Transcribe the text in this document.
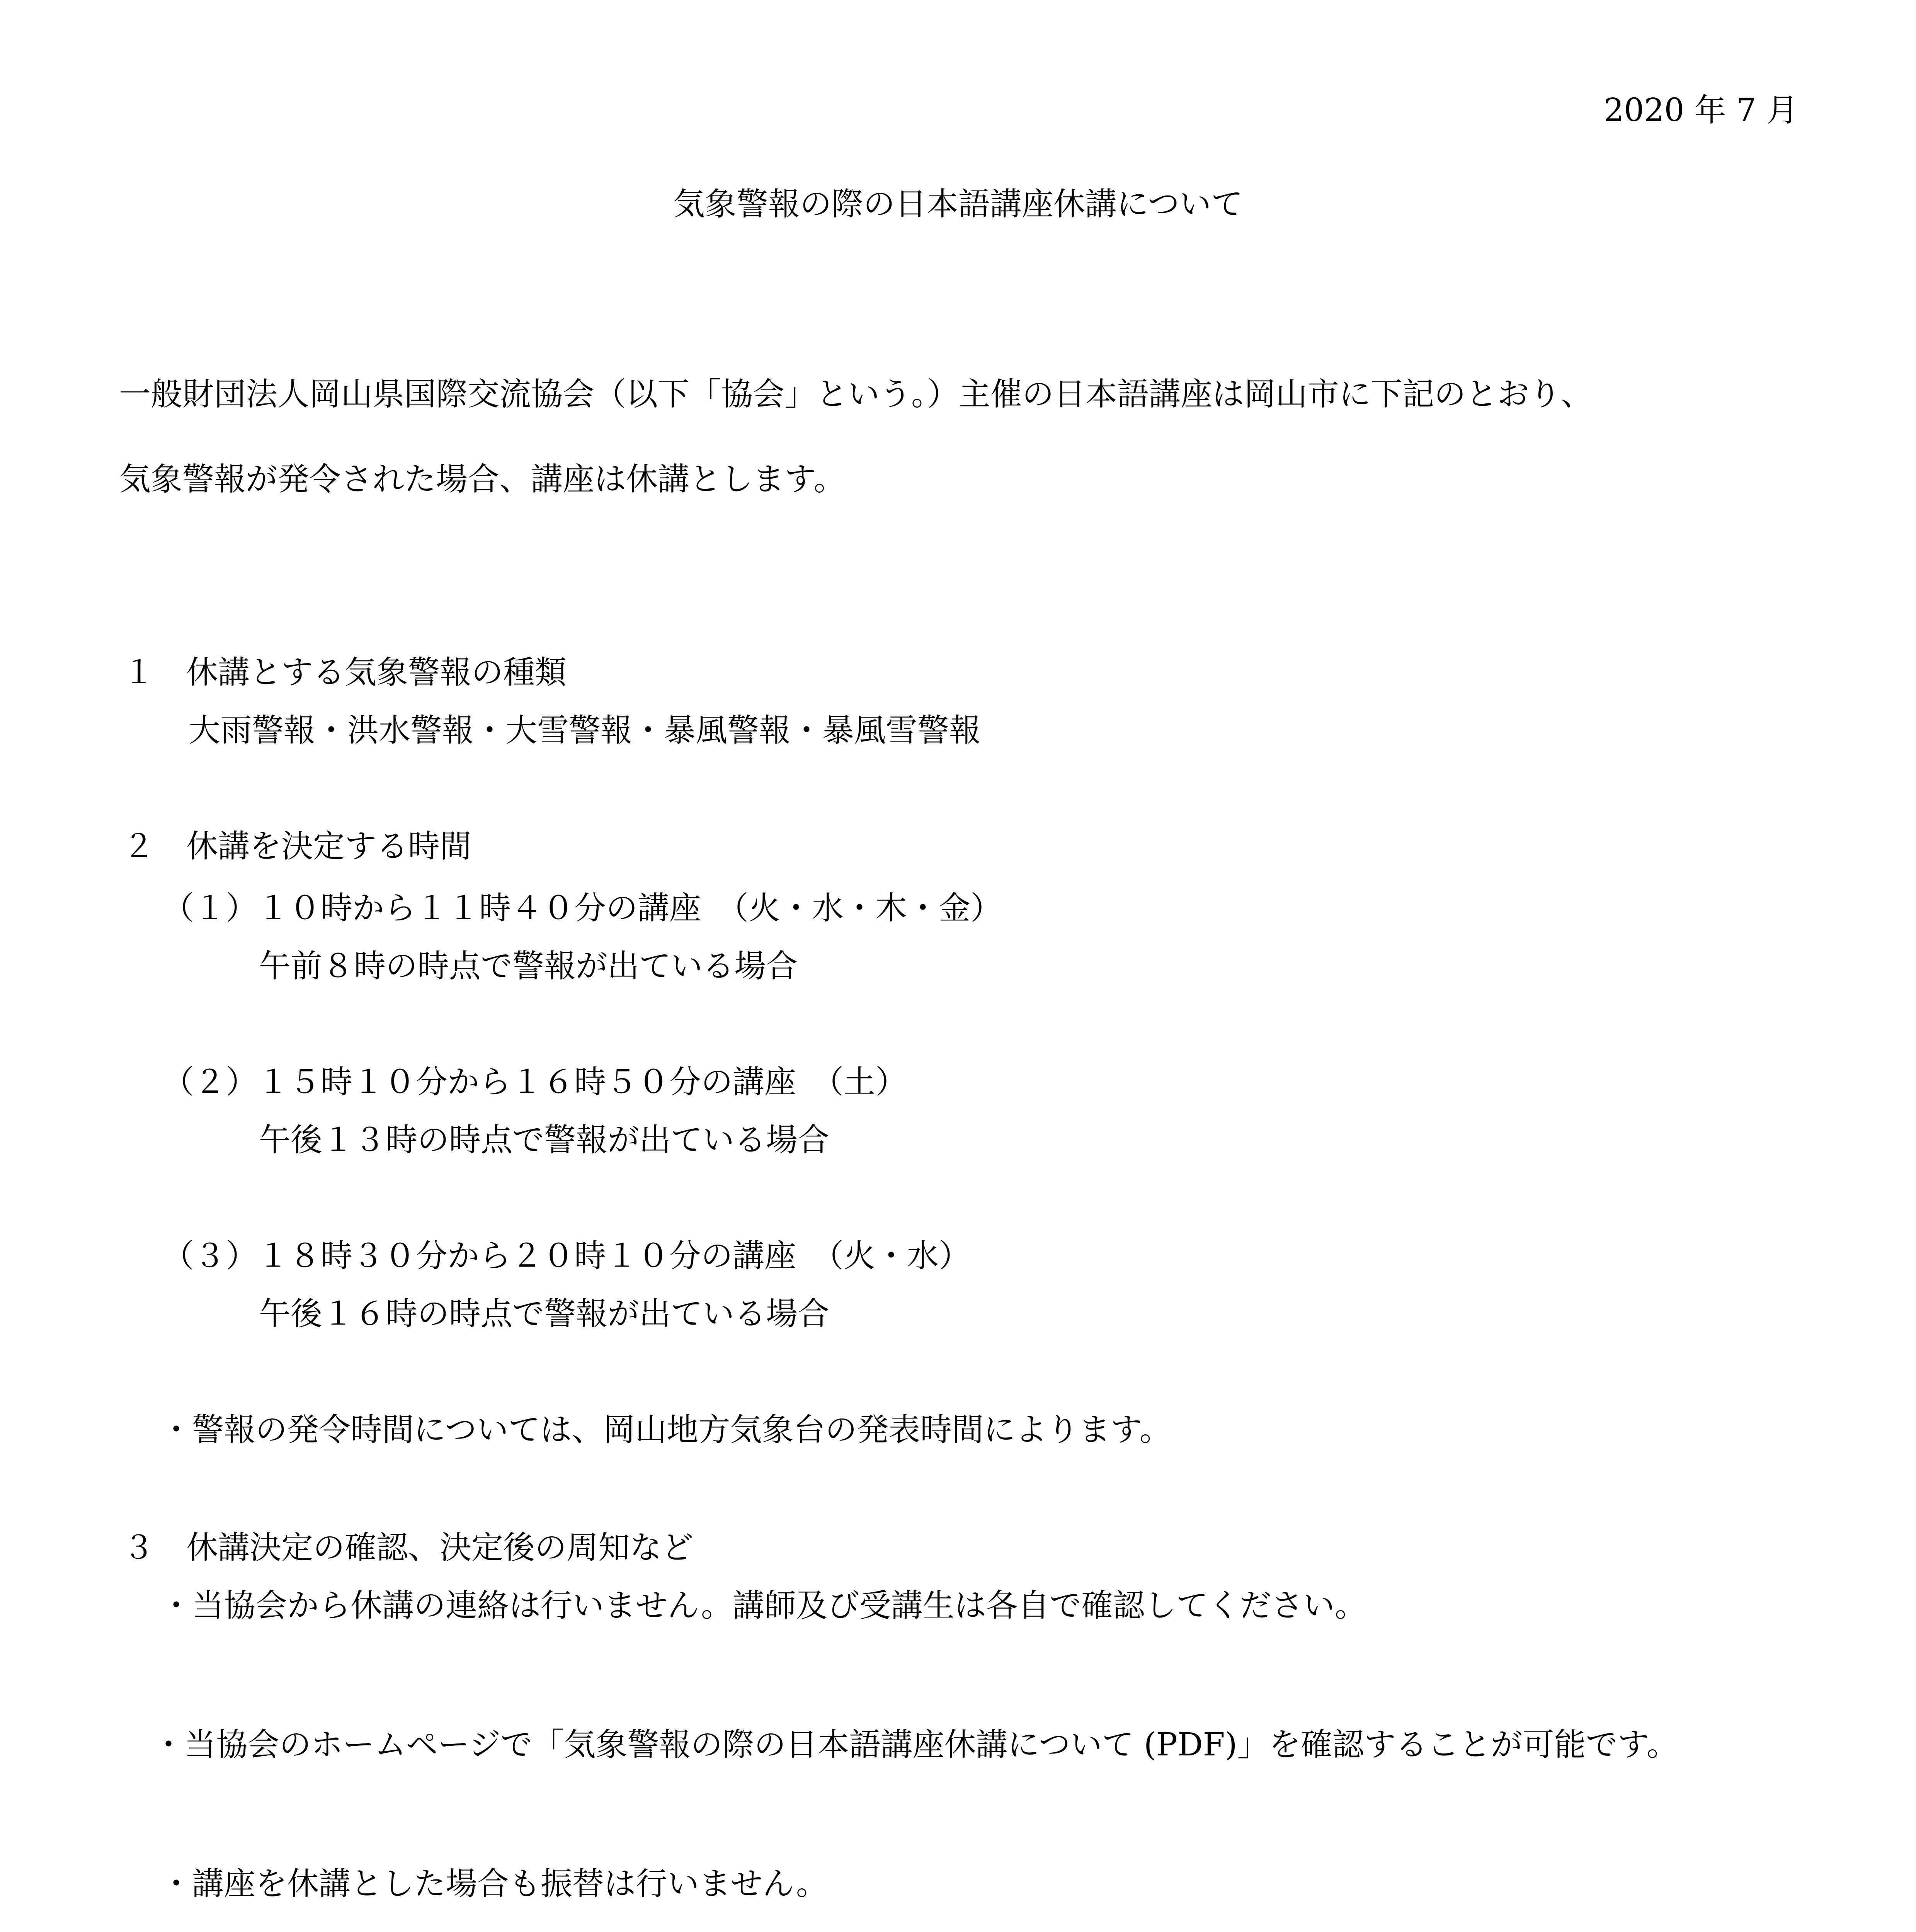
2020 年 7 月
気象警報の際の日本語講座休講について
一般財団法人岡山県国際交流協会（以下「協会」という。）主催の日本語講座は岡山市に下記のとおり、
気象警報が発令された場合、講座は休講とします。
１　休講とする気象警報の種類
大雨警報・洪水警報・大雪警報・暴風警報・暴風雪警報
２　休講を決定する時間
（１）１０時から１１時４０分の講座　（火・水・木・金）
午前８時の時点で警報が出ている場合
（２）１５時１０分から１６時５０分の講座　（土）
午後１３時の時点で警報が出ている場合
（３）１８時３０分から２０時１０分の講座　（火・水）
午後１６時の時点で警報が出ている場合
・警報の発令時間については、岡山地方気象台の発表時間によります。
３　休講決定の確認、決定後の周知など
・当協会から休講の連絡は行いません。講師及び受講生は各自で確認してください。
・当協会のホームページで「気象警報の際の日本語講座休講について (PDF)」を確認することが可能です。
・講座を休講とした場合も振替は行いません。
